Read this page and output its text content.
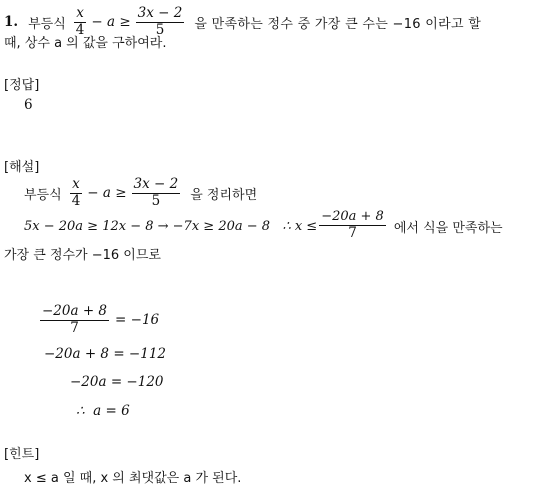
1. 부등식 $\frac{x}{4} - a \ge \frac{3x - 2}{5}$ 을 만족하는 정수 중 가장 큰 수는 −16 이라고 할
때, 상수 a 의 값을 구하여라.
[정답]
6
[해설]
부등식 $\frac{x}{4} - a \ge \frac{3x - 2}{5}$ 을 정리하면
5x − 20a ≥ 12x − 8 → −7x ≥ 20a − 8   ∴ $x \le \frac{-20a + 8}{7}$ 에서 식을 만족하는
가장 큰 정수가 −16 이므로
$\frac{-20a + 8}{7} = -16$
−20a + 8 = −112
−20a = −120
∴  a = 6
[힌트]
x ≤ a 일 때, x 의 최댓값은 a 가 된다.
